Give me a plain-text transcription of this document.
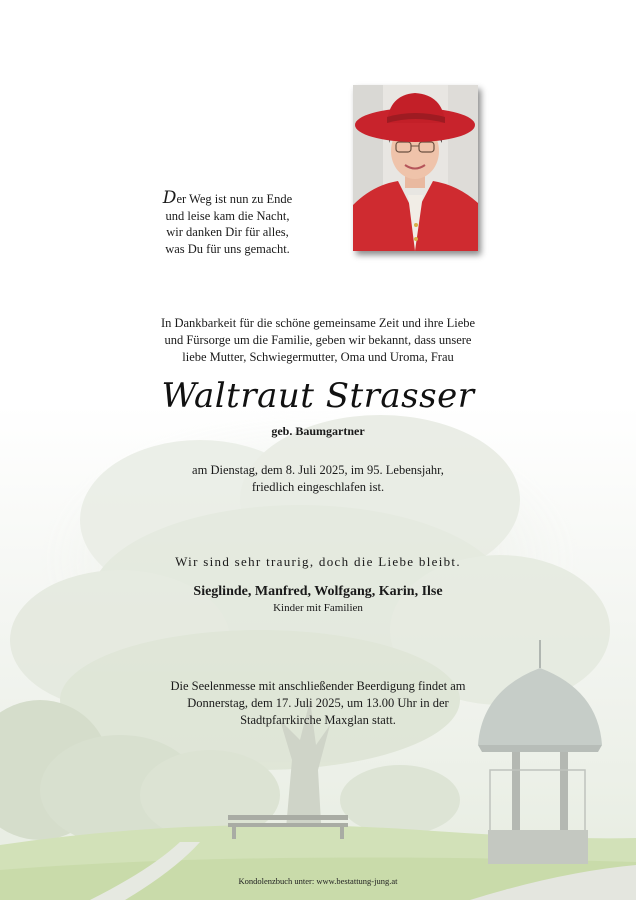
Der Weg ist nun zu Ende
und leise kam die Nacht,
wir danken Dir für alles,
was Du für uns gemacht.
In Dankbarkeit für die schöne gemeinsame Zeit und ihre Liebe
und Fürsorge um die Familie, geben wir bekannt, dass unsere
liebe Mutter, Schwiegermutter, Oma und Uroma, Frau
Waltraut Strasser
geb. Baumgartner
am Dienstag, dem 8. Juli 2025, im 95. Lebensjahr,
friedlich eingeschlafen ist.
Wir sind sehr traurig, doch die Liebe bleibt.
Sieglinde, Manfred, Wolfgang, Karin, Ilse
Kinder mit Familien
Die Seelenmesse mit anschließender Beerdigung findet am
Donnerstag, dem 17. Juli 2025, um 13.00 Uhr in der
Stadtpfarrkirche Maxglan statt.
Kondolenzbuch unter: www.bestattung-jung.at
